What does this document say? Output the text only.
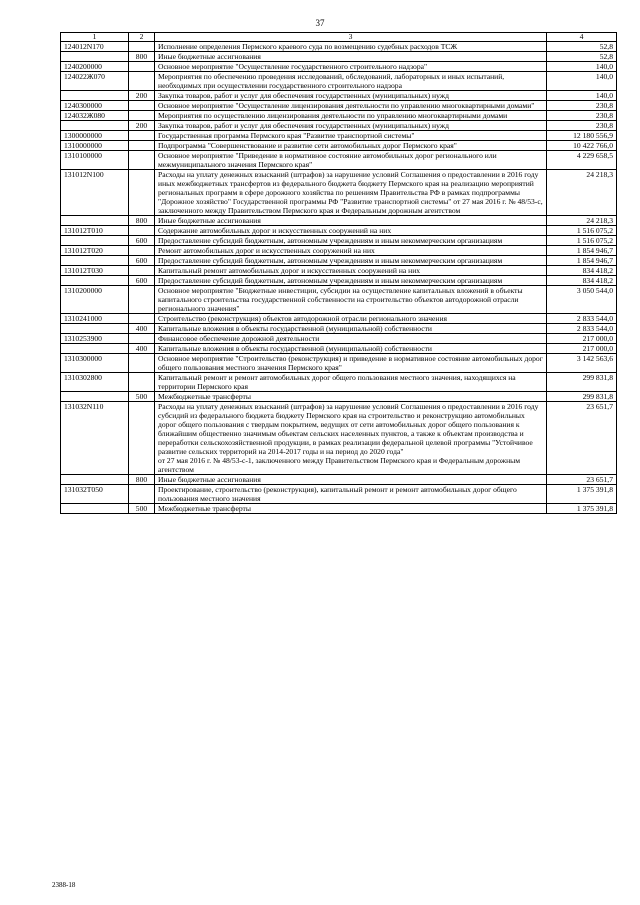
37
1	2	3	4
124012N170		Исполнение определения Пермского краевого суда по возмещению судебных расходов ТСЖ	52,8
	800	Иные бюджетные ассигнования	52,8
1240200000		Основное мероприятие "Осуществление государственного строительного надзора"	140,0
124022Ж070		Мероприятия по обеспечению проведения исследований, обследований, лабораторных и иных испытаний, необходимых при осуществлении государственного строительного надзора	140,0
	200	Закупка товаров, работ и услуг для обеспечения государственных (муниципальных) нужд	140,0
1240300000		Основное мероприятие "Осуществление лицензирования деятельности по управлению многоквартирными домами"	230,8
124032Ж080		Мероприятия по осуществлению лицензирования деятельности по управлению многоквартирными домами	230,8
	200	Закупка товаров, работ и услуг для обеспечения государственных (муниципальных) нужд	230,8
1300000000		Государственная программа Пермского края "Развитие транспортной системы"	12 180 556,9
1310000000		Подпрограмма "Совершенствование и развитие сети автомобильных дорог Пермского края"	10 422 766,0
1310100000		Основное мероприятие "Приведение в нормативное состояние автомобильных дорог регионального или межмуниципального значения Пермского края"	4 229 658,5
131012N100		Расходы на уплату денежных взысканий (штрафов) за нарушение условий Соглашения о предоставлении в 2016 году иных межбюджетных трансфертов из федерального бюджета бюджету Пермского края на реализацию мероприятий региональных программ в сфере дорожного хозяйства по решениям Правительства РФ в рамках подпрограммы "Дорожное хозяйство" Государственной программы РФ "Развитие транспортной системы" от 27 мая 2016 г. № 48/53-с, заключенного между Правительством Пермского края и Федеральным дорожным агентством	24 218,3
	800	Иные бюджетные ассигнования	24 218,3
131012Т010		Содержание автомобильных дорог и искусственных сооружений на них	1 516 075,2
	600	Предоставление субсидий бюджетным, автономным учреждениям и иным некоммерческим организациям	1 516 075,2
131012Т020		Ремонт автомобильных дорог и искусственных сооружений на них	1 854 946,7
	600	Предоставление субсидий бюджетным, автономным учреждениям и иным некоммерческим организациям	1 854 946,7
131012Т030		Капитальный ремонт автомобильных дорог и искусственных сооружений на них	834 418,2
	600	Предоставление субсидий бюджетным, автономным учреждениям и иным некоммерческим организациям	834 418,2
1310200000		Основное мероприятие "Бюджетные инвестиции, субсидии на осуществление капитальных вложений в объекты капитального строительства государственной собственности на строительство объектов автодорожной отрасли регионального значения"	3 050 544,0
1310241000		Строительство (реконструкция) объектов автодорожной отрасли регионального значения	2 833 544,0
	400	Капитальные вложения в объекты государственной (муниципальной) собственности	2 833 544,0
1310253900		Финансовое обеспечение дорожной деятельности	217 000,0
	400	Капитальные вложения в объекты государственной (муниципальной) собственности	217 000,0
1310300000		Основное мероприятие "Строительство (реконструкция) и приведение в нормативное состояние автомобильных дорог общего пользования местного значения Пермского края"	3 142 563,6
1310302800		Капитальный ремонт и ремонт автомобильных дорог общего пользования местного значения, находящихся на территории Пермского края	299 831,8
	500	Межбюджетные трансферты	299 831,8
131032N110		Расходы на уплату денежных взысканий (штрафов) за нарушение условий Соглашения о предоставлении в 2016 году субсидий из федерального бюджета бюджету Пермского края на строительство и реконструкцию автомобильных дорог общего пользования с твердым покрытием, ведущих от сети автомобильных дорог общего пользования к ближайшим общественно значимым объектам сельских населенных пунктов, а также к объектам производства и переработки сельскохозяйственной продукции, в рамках реализации федеральной целевой программы "Устойчивое развитие сельских территорий на 2014-2017 годы и на период до 2020 года"
от 27 мая 2016 г. № 48/53-с-1, заключенного между Правительством Пермского края и Федеральным дорожным агентством	23 651,7
	800	Иные бюджетные ассигнования	23 651,7
131032Т050		Проектирование, строительство (реконструкция), капитальный ремонт и ремонт автомобильных дорог общего пользования местного значения	1 375 391,8
	500	Межбюджетные трансферты	1 375 391,8
2388-18
